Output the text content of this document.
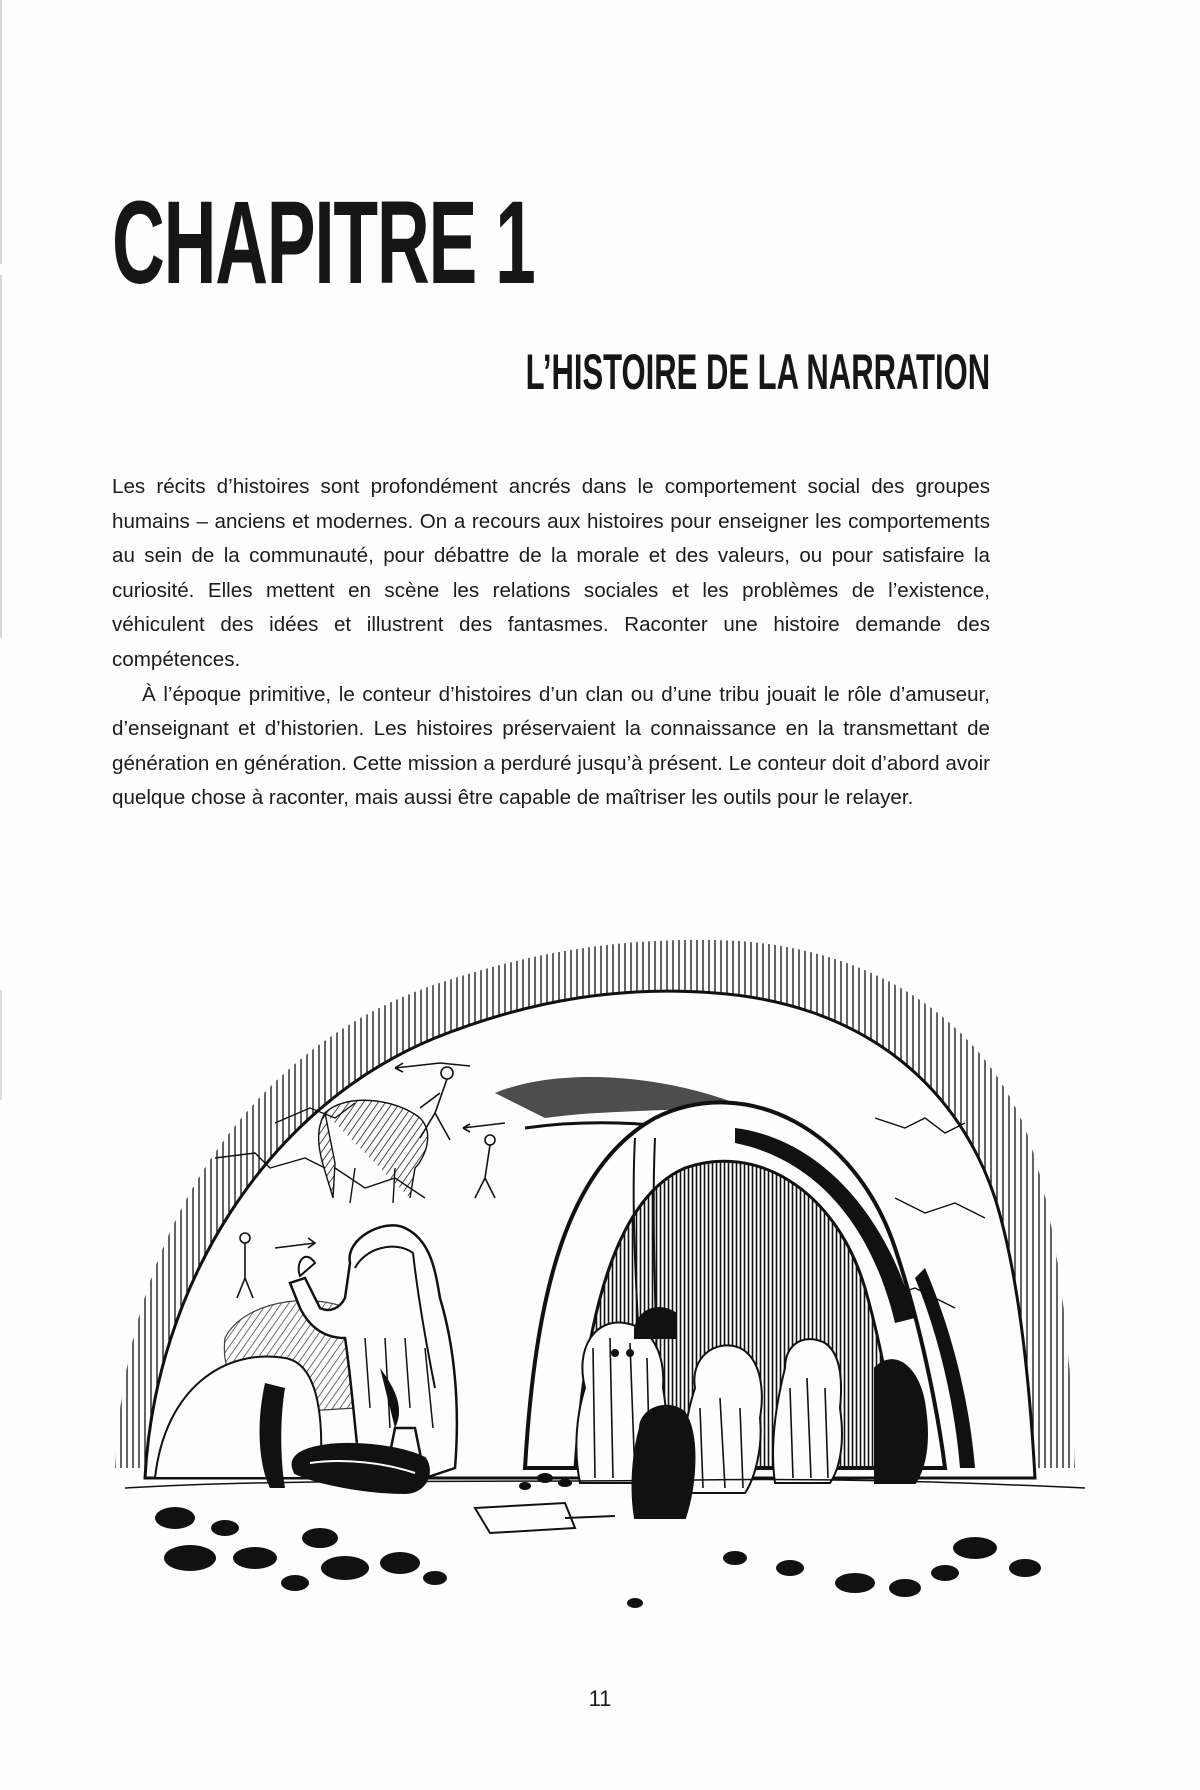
CHAPITRE 1
L’HISTOIRE DE LA NARRATION

Les récits d’histoires sont profondément ancrés dans le comportement social des groupes humains – anciens et modernes. On a recours aux histoires pour enseigner les comportements au sein de la communauté, pour débattre de la morale et des valeurs, ou pour satisfaire la curiosité. Elles mettent en scène les relations sociales et les problèmes de l’existence, véhiculent des idées et illustrent des fantasmes. Raconter une histoire demande des compétences.

À l’époque primitive, le conteur d’histoires d’un clan ou d’une tribu jouait le rôle d’amuseur, d’enseignant et d’historien. Les histoires préservaient la connaissance en la transmettant de génération en génération. Cette mission a perduré jusqu’à présent. Le conteur doit d’abord avoir quelque chose à raconter, mais aussi être capable de maîtriser les outils pour le relayer.

11
